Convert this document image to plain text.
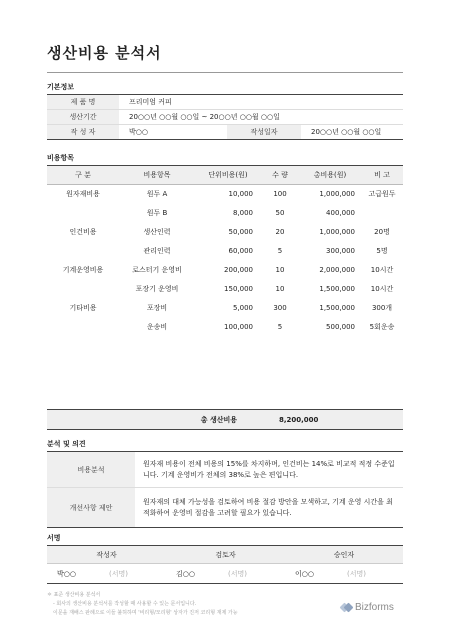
생산비용 분석서
기본정보
제 품 명	프리미엄 커피		
생산기간	20○○년 ○○월 ○○일 ~ 20○○년 ○○월 ○○일		
작 성 자	박○○	작성일자	20○○년 ○○월 ○○일
비용항목
구 분	비용항목	단위비용(원)	수 량	총비용(원)	비 고
원자재비용	원두 A	10,000	100	1,000,000	고급원두
	원두 B	8,000	50	400,000	
인건비용	생산인력	50,000	20	1,000,000	20명
	관리인력	60,000	5	300,000	5명
기계운영비용	로스터기 운영비	200,000	10	2,000,000	10시간
	포장기 운영비	150,000	10	1,500,000	10시간
기타비용	포장비	5,000	300	1,500,000	300개
	운송비	100,000	5	500,000	5회운송
총 생산비용	8,200,000
분석 및 의견
비용분석	원자재 비용이 전체 비용의 15%를 차지하며, 인건비는 14%로 비교적 적정 수준입니다. 기계 운영비가 전체의 38%로 높은 편입니다.
개선사항 제안	원자재의 대체 가능성을 검토하여 비용 절감 방안을 모색하고, 기계 운영 시간을 최적화하여 운영비 절감을 고려할 필요가 있습니다.
서명
작성자		검토자		승인자	
박○○	(서명)	김○○	(서명)	이○○	(서명)
＊ 표준 생산비용 분석서
- 회사의 생산비용 분석서를 작성할 때 사용할 수 있는 문서입니다.
이문을 재배스 판례으로 이들 불허하며 '비리형/모리형' 상자가 진저 코리형 재제 가능	Bizforms
